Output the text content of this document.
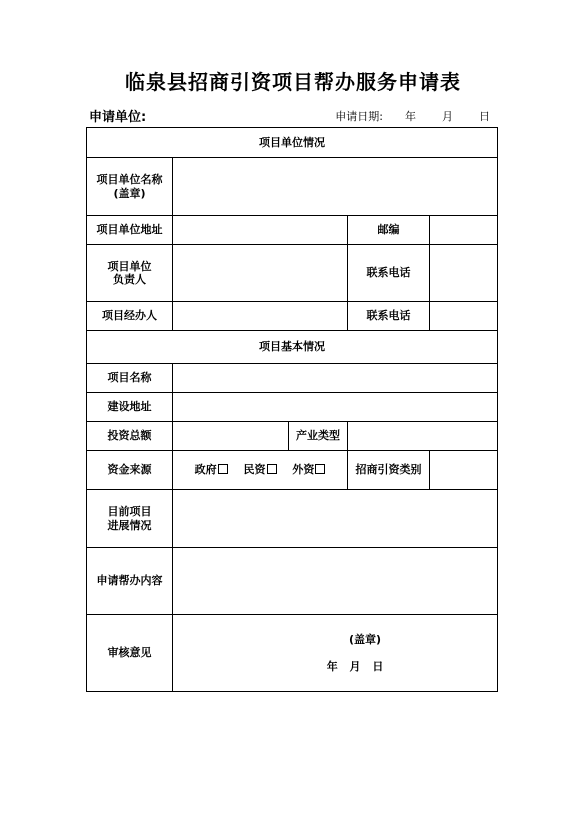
临泉县招商引资项目帮办服务申请表
申请单位:	申请日期: 年 月 日
项目单位情况				

项目单位名称
(盖章)				

项目单位地址			邮编	

项目单位
负责人			联系电话	
项目经办人			联系电话	
项目基本情况				
项目名称				
建设地址				
投资总额		产业类型		
资金来源	政府 民资 外资		招商引资类别	

目前项目
进展情况				

申请帮办内容				
审核意见	(盖章)
年 月 日			
